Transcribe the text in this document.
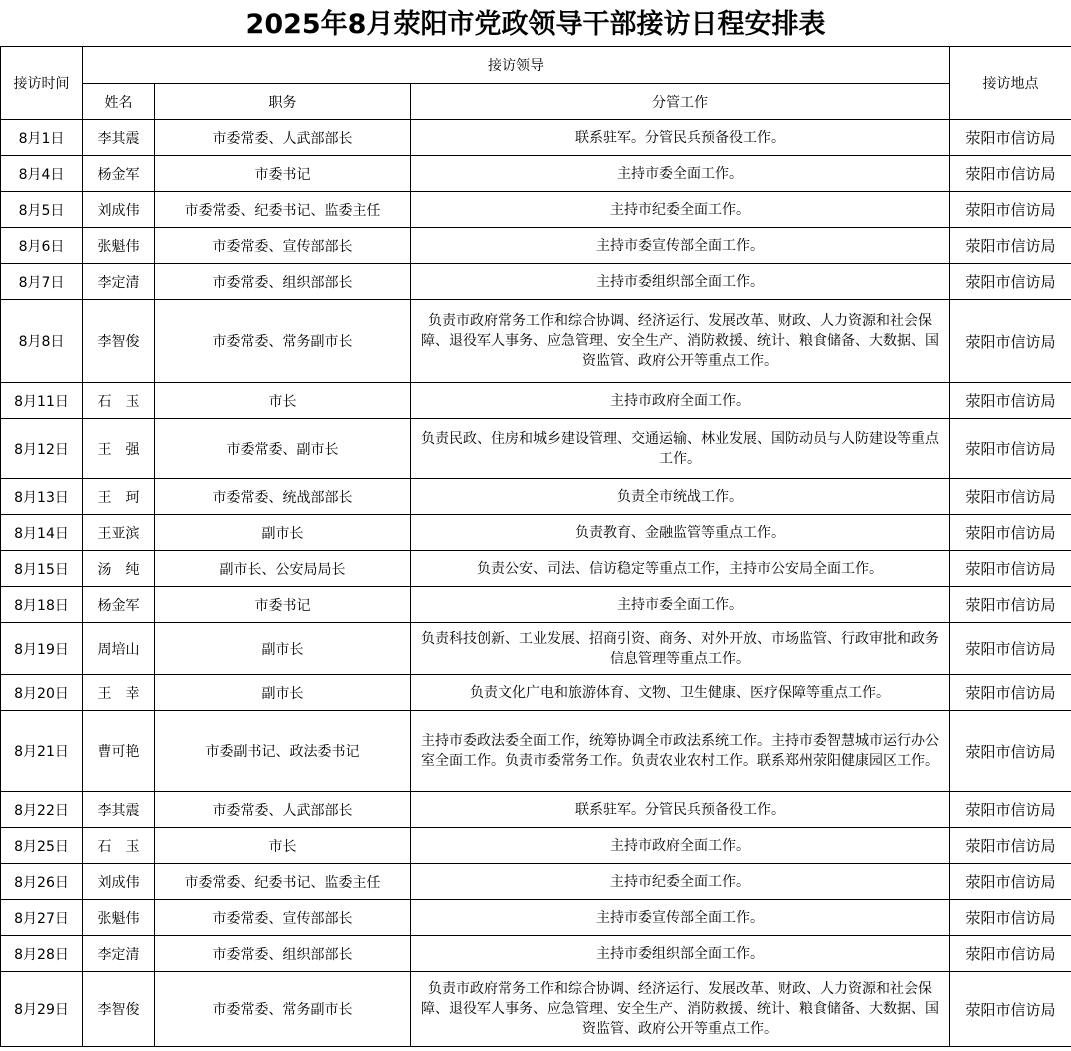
2025年8月荥阳市党政领导干部接访日程安排表
接访时间	接访领导			接访地点
	姓名	职务	分管工作	
8月1日	李其震	市委常委、人武部部长	联系驻军。分管民兵预备役工作。	荥阳市信访局
8月4日	杨金军	市委书记	主持市委全面工作。	荥阳市信访局
8月5日	刘成伟	市委常委、纪委书记、监委主任	主持市纪委全面工作。	荥阳市信访局
8月6日	张魁伟	市委常委、宣传部部长	主持市委宣传部全面工作。	荥阳市信访局
8月7日	李定清	市委常委、组织部部长	主持市委组织部全面工作。	荥阳市信访局
8月8日	李智俊	市委常委、常务副市长	负责市政府常务工作和综合协调、经济运行、发展改革、财政、人力资源和社会保障、退役军人事务、应急管理、安全生产、消防救援、统计、粮食储备、大数据、国资监管、政府公开等重点工作。	荥阳市信访局
8月11日	石　玉	市长	主持市政府全面工作。	荥阳市信访局
8月12日	王　强	市委常委、副市长	负责民政、住房和城乡建设管理、交通运输、林业发展、国防动员与人防建设等重点工作。	荥阳市信访局
8月13日	王　珂	市委常委、统战部部长	负责全市统战工作。	荥阳市信访局
8月14日	王亚滨	副市长	负责教育、金融监管等重点工作。	荥阳市信访局
8月15日	汤　纯	副市长、公安局局长	负责公安、司法、信访稳定等重点工作，主持市公安局全面工作。	荥阳市信访局
8月18日	杨金军	市委书记	主持市委全面工作。	荥阳市信访局
8月19日	周培山	副市长	负责科技创新、工业发展、招商引资、商务、对外开放、市场监管、行政审批和政务信息管理等重点工作。	荥阳市信访局
8月20日	王　幸	副市长	负责文化广电和旅游体育、文物、卫生健康、医疗保障等重点工作。	荥阳市信访局
8月21日	曹可艳	市委副书记、政法委书记	主持市委政法委全面工作，统筹协调全市政法系统工作。主持市委智慧城市运行办公室全面工作。负责市委常务工作。负责农业农村工作。联系郑州荥阳健康园区工作。	荥阳市信访局
8月22日	李其震	市委常委、人武部部长	联系驻军。分管民兵预备役工作。	荥阳市信访局
8月25日	石　玉	市长	主持市政府全面工作。	荥阳市信访局
8月26日	刘成伟	市委常委、纪委书记、监委主任	主持市纪委全面工作。	荥阳市信访局
8月27日	张魁伟	市委常委、宣传部部长	主持市委宣传部全面工作。	荥阳市信访局
8月28日	李定清	市委常委、组织部部长	主持市委组织部全面工作。	荥阳市信访局
8月29日	李智俊	市委常委、常务副市长	负责市政府常务工作和综合协调、经济运行、发展改革、财政、人力资源和社会保障、退役军人事务、应急管理、安全生产、消防救援、统计、粮食储备、大数据、国资监管、政府公开等重点工作。	荥阳市信访局
